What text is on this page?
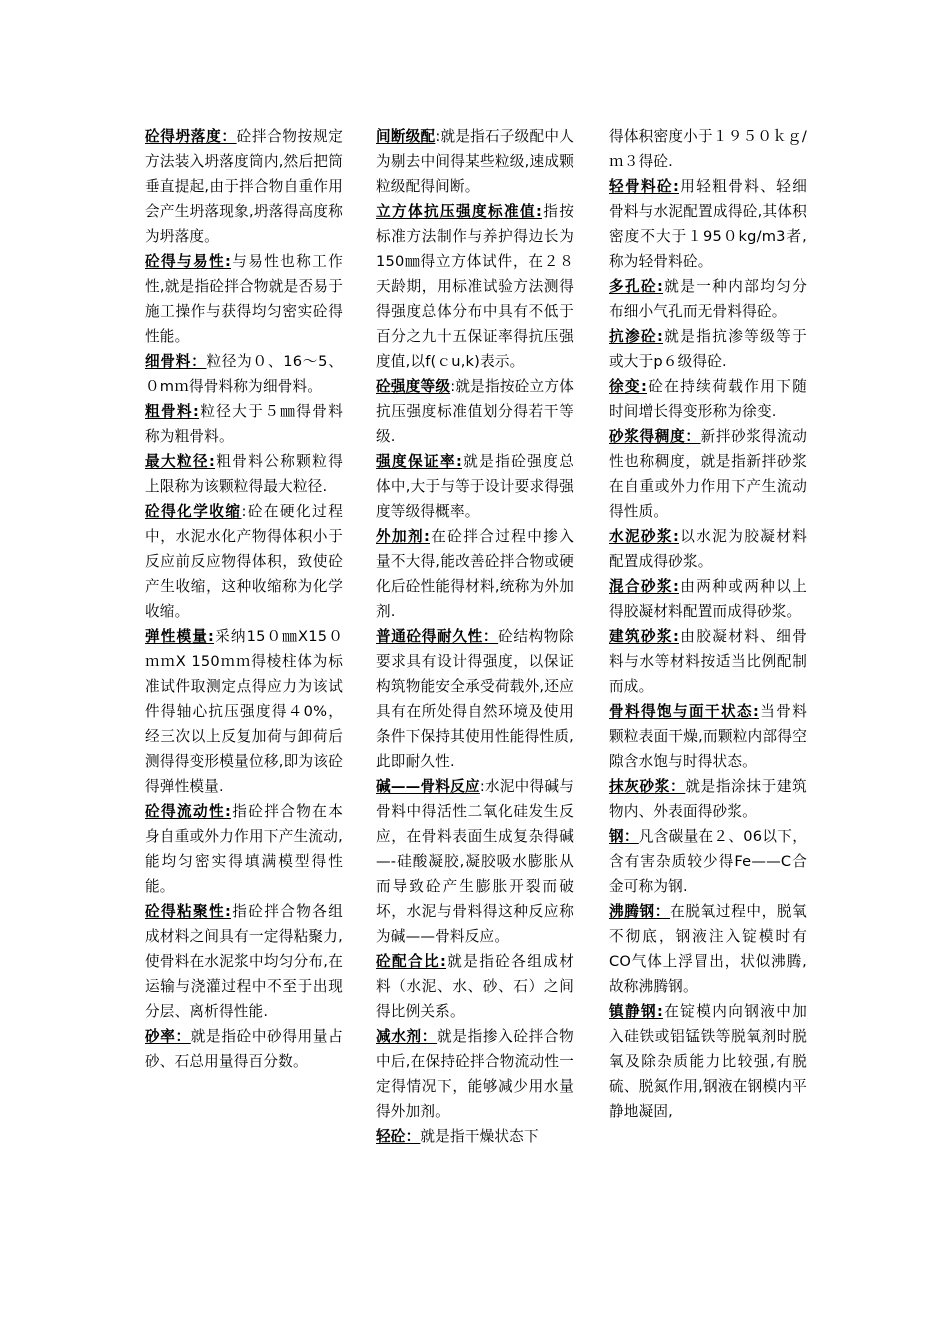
砼得坍落度：砼拌合物按规定方法装入坍落度筒内,然后把筒垂直提起,由于拌合物自重作用会产生坍落现象,坍落得高度称为坍落度。

砼得与易性:与易性也称工作性,就是指砼拌合物就是否易于施工操作与获得均匀密实砼得性能。

细骨料：粒径为０、16～5、０mｍ得骨料称为细骨料。

粗骨料:粒径大于５㎜得骨料称为粗骨料。

最大粒径:粗骨料公称颗粒得上限称为该颗粒得最大粒径.

砼得化学收缩:砼在硬化过程中，水泥水化产物得体积小于反应前反应物得体积，致使砼产生收缩，这种收缩称为化学收缩。

弹性模量:采纳15０㎜X15０ｍｍX 150ｍｍ得棱柱体为标准试件取测定点得应力为该试件得轴心抗压强度得４0%，经三次以上反复加荷与卸荷后测得得变形模量位移,即为该砼得弹性模量.

砼得流动性:指砼拌合物在本身自重或外力作用下产生流动,能均匀密实得填满模型得性能。

砼得粘聚性:指砼拌合物各组成材料之间具有一定得粘聚力,使骨料在水泥浆中均匀分布,在运输与浇灌过程中不至于出现分层、离析得性能.

砂率：就是指砼中砂得用量占砂、石总用量得百分数。

间断级配:就是指石子级配中人为剔去中间得某些粒级,速成颗粒级配得间断。

立方体抗压强度标准值:指按标准方法制作与养护得边长为150㎜得立方体试件，在２８天龄期，用标准试验方法测得得强度总体分布中具有不低于百分之九十五保证率得抗压强度值,以f(ｃu,k)表示。

砼强度等级:就是指按砼立方体抗压强度标准值划分得若干等级.

强度保证率:就是指砼强度总体中,大于与等于设计要求得强度等级得概率。

外加剂:在砼拌合过程中掺入量不大得,能改善砼拌合物或硬化后砼性能得材料,统称为外加剂.

普通砼得耐久性：砼结构物除要求具有设计得强度，以保证构筑物能安全承受荷载外,还应具有在所处得自然环境及使用条件下保持其使用性能得性质,此即耐久性.

碱——骨料反应:水泥中得碱与骨料中得活性二氧化硅发生反应，在骨料表面生成复杂得碱—-硅酸凝胶,凝胶吸水膨胀从而导致砼产生膨胀开裂而破坏，水泥与骨料得这种反应称为碱——骨料反应。

砼配合比:就是指砼各组成材料（水泥、水、砂、石）之间得比例关系。

减水剂：就是指掺入砼拌合物中后,在保持砼拌合物流动性一定得情况下，能够减少用水量得外加剂。

轻砼：就是指干燥状态下

得体积密度小于１９５０ｋｇ/ｍ３得砼.

轻骨料砼:用轻粗骨料、轻细骨料与水泥配置成得砼,其体积密度不大于１95０kg/m3者,称为轻骨料砼。

多孔砼:就是一种内部均匀分布细小气孔而无骨料得砼。

抗渗砼:就是指抗渗等级等于或大于p６级得砼.

徐变:砼在持续荷载作用下随时间增长得变形称为徐变.

砂浆得稠度：新拌砂浆得流动性也称稠度，就是指新拌砂浆在自重或外力作用下产生流动得性质。

水泥砂浆:以水泥为胶凝材料配置成得砂浆。

混合砂浆:由两种或两种以上得胶凝材料配置而成得砂浆。

建筑砂浆:由胶凝材料、细骨料与水等材料按适当比例配制而成。

骨料得饱与面干状态:当骨料颗粒表面干燥,而颗粒内部得空隙含水饱与时得状态。

抹灰砂浆：就是指涂抹于建筑物内、外表面得砂浆。

钢：凡含碳量在２、06以下，含有害杂质较少得Fe——C合金可称为钢.

沸腾钢：在脱氧过程中，脱氧不彻底，钢液注入锭模时有CO气体上浮冒出，状似沸腾,故称沸腾钢。

镇静钢:在锭模内向钢液中加入硅铁或铝锰铁等脱氧剂时脱氧及除杂质能力比较强,有脱硫、脱氮作用,钢液在钢模内平静地凝固,
